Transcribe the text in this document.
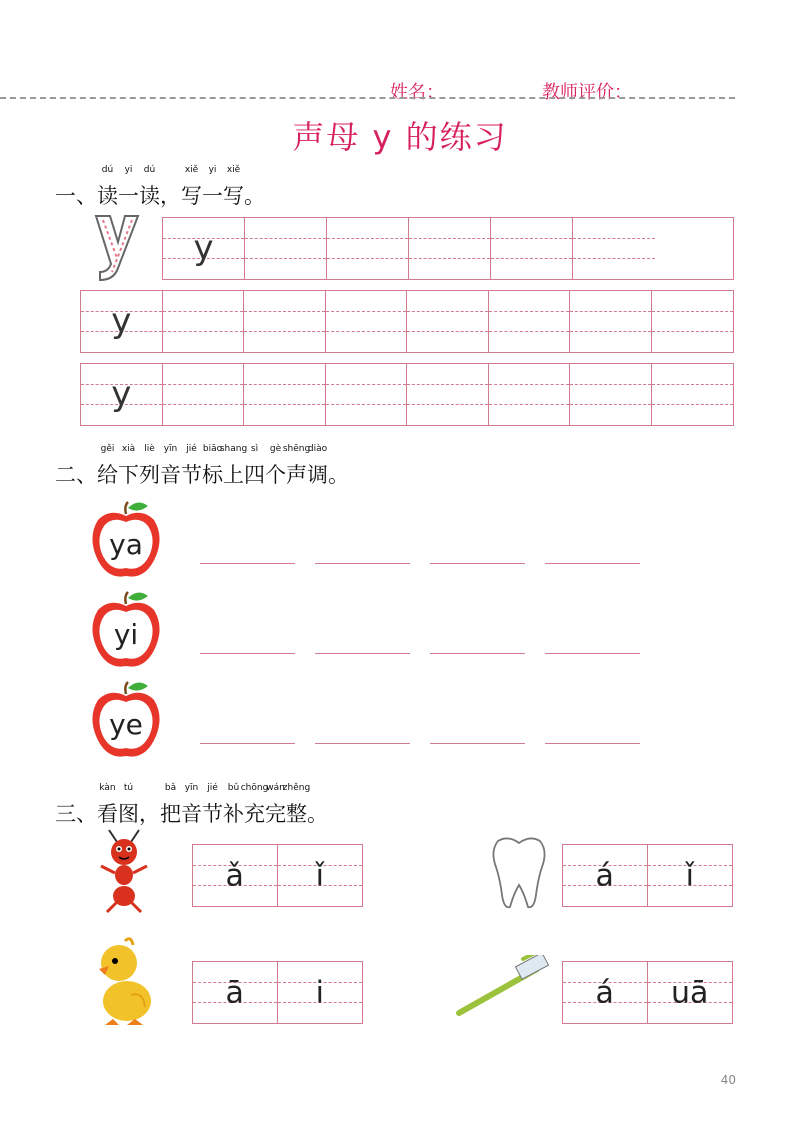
姓名：	教师评价：
声母 y 的练习
一、读
dú
一
yi
读
dú
，写
xiě
一
yi
写
xiě
。
y
y
y
二、给
gěi
下
xià
列
liè
音
yīn
节
jié
标
biāo
上
shang
四
sì
个
gè
声
shēng
调
diào
。
ya
yi
ye
三、看
kàn
图
tú
，把
bǎ
音
yīn
节
jié
补
bǔ
充
chōng
完
wán
整
zhěng
。
ǎ	ǐ	á	ǐ
ā	i	á	uā
40
